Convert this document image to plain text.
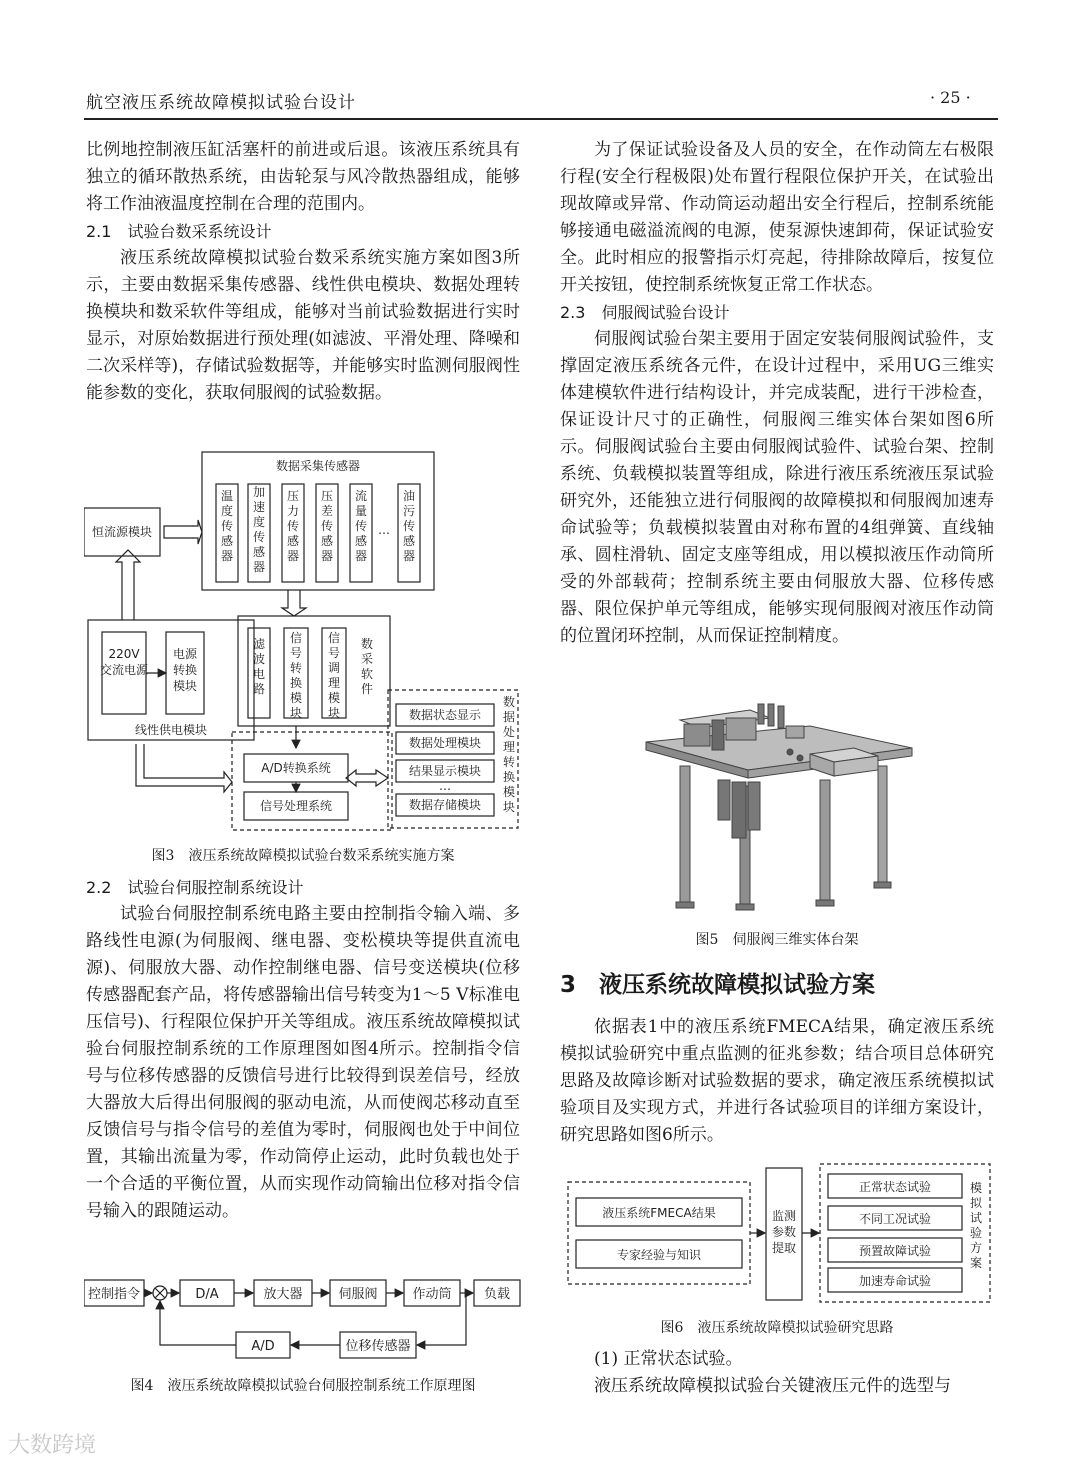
航空液压系统故障模拟试验台设计	· 25 ·

比例地控制液压缸活塞杆的前进或后退。该液压系统具有独立的循环散热系统，由齿轮泵与风冷散热器组成，能够将工作油液温度控制在合理的范围内。

2.1　试验台数采系统设计

液压系统故障模拟试验台数采系统实施方案如图3所示，主要由数据采集传感器、线性供电模块、数据处理转换模块和数采软件等组成，能够对当前试验数据进行实时显示，对原始数据进行预处理(如滤波、平滑处理、降噪和二次采样等)，存储试验数据等，并能够实时监测伺服阀性能参数的变化，获取伺服阀的试验数据。

数据采集传感器
恒流源模块
线性供电模块
A/D转换系统
信号处理系统
数据状态显示
数据处理模块
结果显示模块
…
数据存储模块
温度传感器
加速度传感器
压力传感器
压差传感器
流量传感器
…
油污传感器
滤波电路
信号转换模块
信号调理模块
数采软件
数据处理转换模块
220V 交流电源
电源转换模块
图3　液压系统故障模拟试验台数采系统实施方案

2.2　试验台伺服控制系统设计

试验台伺服控制系统电路主要由控制指令输入端、多路线性电源(为伺服阀、继电器、变松模块等提供直流电源)、伺服放大器、动作控制继电器、信号变送模块(位移传感器配套产品，将传感器输出信号转变为1～5 V标准电压信号)、行程限位保护开关等组成。液压系统故障模拟试验台伺服控制系统的工作原理图如图4所示。控制指令信号与位移传感器的反馈信号进行比较得到误差信号，经放大器放大后得出伺服阀的驱动电流，从而使阀芯移动直至反馈信号与指令信号的差值为零时，伺服阀也处于中间位置，其输出流量为零，作动筒停止运动，此时负载也处于一个合适的平衡位置，从而实现作动筒输出位移对指令信号输入的跟随运动。

控制指令	D/A	放大器	伺服阀	作动筒 负载
A/D	位移传感器
图4　液压系统故障模拟试验台伺服控制系统工作原理图

为了保证试验设备及人员的安全，在作动筒左右极限行程(安全行程极限)处布置行程限位保护开关，在试验出现故障或异常、作动筒运动超出安全行程后，控制系统能够接通电磁溢流阀的电源，使泵源快速卸荷，保证试验安全。此时相应的报警指示灯亮起，待排除故障后，按复位开关按钮，使控制系统恢复正常工作状态。

2.3　伺服阀试验台设计

伺服阀试验台架主要用于固定安装伺服阀试验件，支撑固定液压系统各元件，在设计过程中，采用UG三维实体建模软件进行结构设计，并完成装配，进行干涉检查，保证设计尺寸的正确性，伺服阀三维实体台架如图6所示。伺服阀试验台主要由伺服阀试验件、试验台架、控制系统、负载模拟装置等组成，除进行液压系统液压泵试验研究外，还能独立进行伺服阀的故障模拟和伺服阀加速寿命试验等；负载模拟装置由对称布置的4组弹簧、直线轴承、圆柱滑轨、固定支座等组成，用以模拟液压作动筒所受的外部载荷；控制系统主要由伺服放大器、位移传感器、限位保护单元等组成，能够实现伺服阀对液压作动筒的位置闭环控制，从而保证控制精度。

图5　伺服阀三维实体台架
3　液压系统故障模拟试验方案

依据表1中的液压系统FMECA结果，确定液压系统模拟试验研究中重点监测的征兆参数；结合项目总体研究思路及故障诊断对试验数据的要求，确定液压系统模拟试验项目及实现方式，并进行各试验项目的详细方案设计，研究思路如图6所示。

液压系统FMECA结果
专家经验与知识
正常状态试验
不同工况试验
预置故障试验
加速寿命试验
监测参数提取
模拟试验方案
图6　液压系统故障模拟试验研究思路

(1) 正常状态试验。

液压系统故障模拟试验台关键液压元件的选型与

大数跨境
